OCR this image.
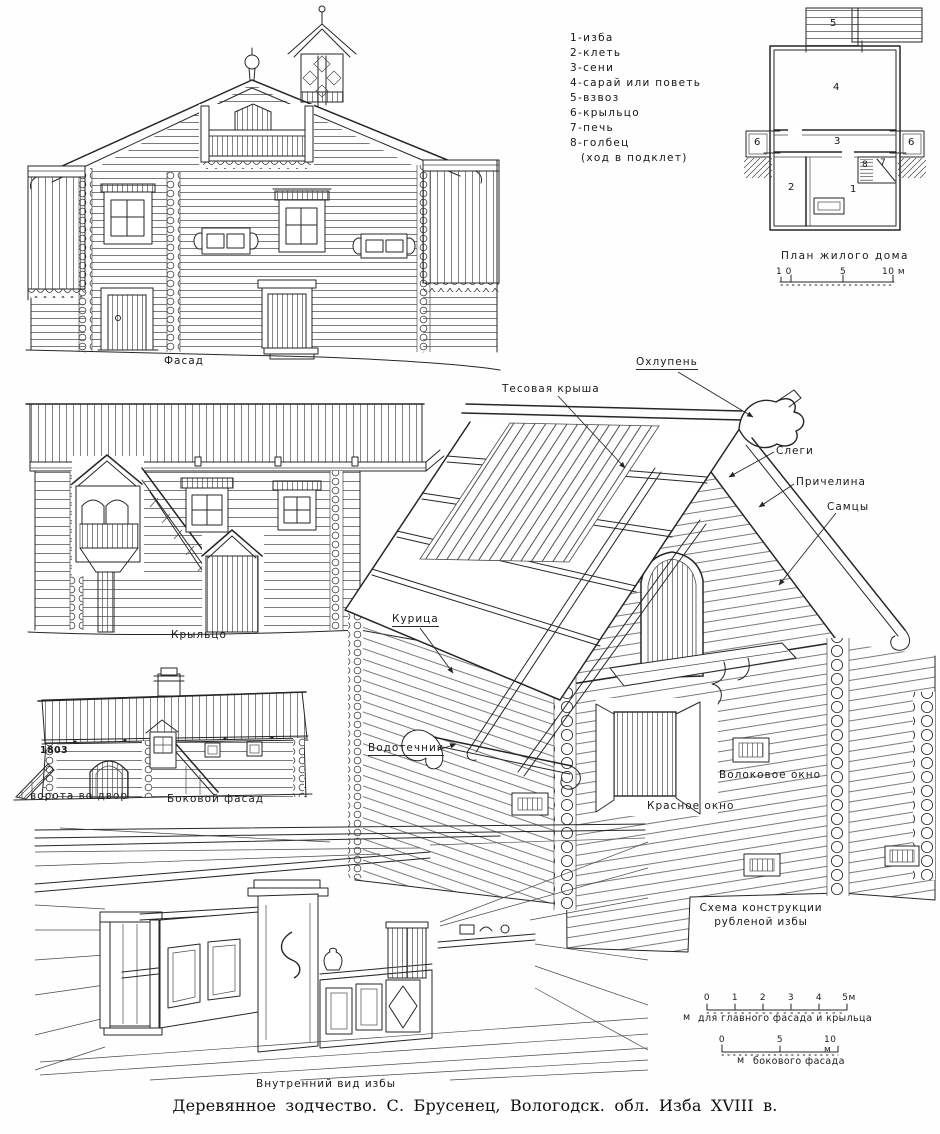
1-изба
2-клеть
3-сени
4-сарай или поветь
5-взвоз
6-крыльцо
7-печь
8-голбец
(ход в подклет)
Фасад
Крыльцо
1803
ворота во двор	Боковой фасад
Внутренний вид избы
План жилого дома
1 0	5	10 м
5
4
3
6	6
2	1
8 7
Тесовая крыша
Охлупень
Слеги
Причелина
Самцы
Курица
Водотечник
Волоковое окно
Красное окно
Схема конструкции
рубленой избы
0 1 2 3 4 5м
м для главного фасада и крыльца
0	5	10 м
м бокового фасада
Деревянное зодчество. С. Брусенец, Вологодск. обл. Изба XVIII в.
